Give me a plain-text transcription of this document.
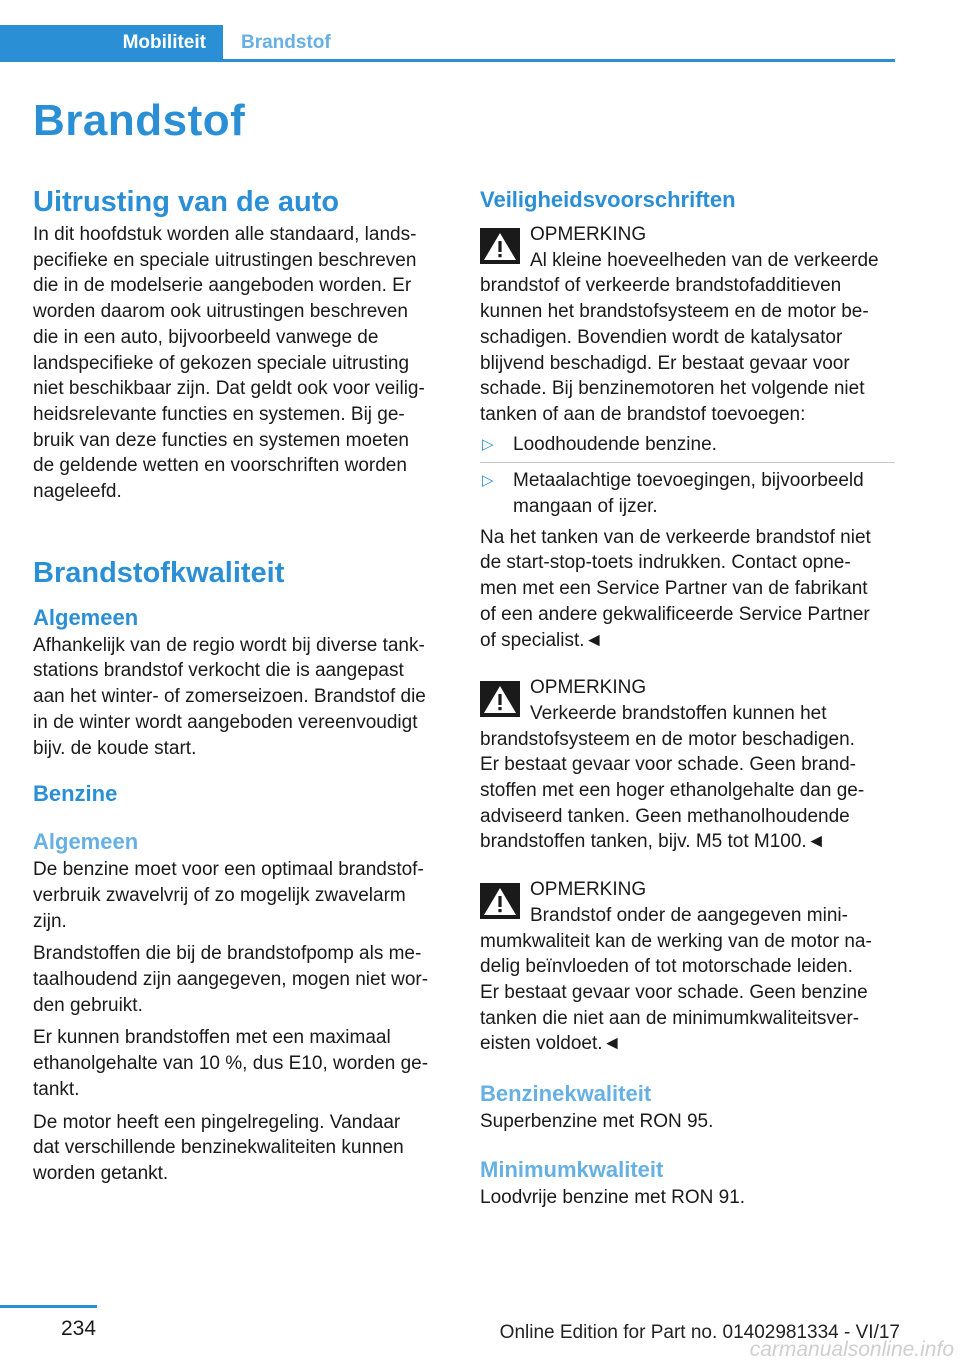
Mobiliteit	Brandstof
Brandstof
Uitrusting van de auto

In dit hoofdstuk worden alle standaard, lands-

pecifieke en speciale uitrustingen beschreven

die in de modelserie aangeboden worden. Er

worden daarom ook uitrustingen beschreven

die in een auto, bijvoorbeeld vanwege de

landspecifieke of gekozen speciale uitrusting

niet beschikbaar zijn. Dat geldt ook voor veilig-

heidsrelevante functies en systemen. Bij ge-

bruik van deze functies en systemen moeten

de geldende wetten en voorschriften worden

nageleefd.

Brandstofkwaliteit
Algemeen

Afhankelijk van de regio wordt bij diverse tank-

stations brandstof verkocht die is aangepast

aan het winter- of zomerseizoen. Brandstof die

in de winter wordt aangeboden vereenvoudigt

bijv. de koude start.

Benzine
Algemeen

De benzine moet voor een optimaal brandstof-

verbruik zwavelvrij of zo mogelijk zwavelarm

zijn.

Brandstoffen die bij de brandstofpomp als me-

taalhoudend zijn aangegeven, mogen niet wor-

den gebruikt.

Er kunnen brandstoffen met een maximaal

ethanolgehalte van 10 %, dus E10, worden ge-

tankt.

De motor heeft een pingelregeling. Vandaar

dat verschillende benzinekwaliteiten kunnen

worden getankt.

Veiligheidsvoorschriften

OPMERKING

Al kleine hoeveelheden van de verkeerde

brandstof of verkeerde brandstofadditieven

kunnen het brandstofsysteem en de motor be-

schadigen. Bovendien wordt de katalysator

blijvend beschadigd. Er bestaat gevaar voor

schade. Bij benzinemotoren het volgende niet

tanken of aan de brandstof toevoegen:

▷ Loodhoudende benzine.
▷ Metaalachtige toevoegingen, bijvoorbeeld mangaan of ijzer.

Na het tanken van de verkeerde brandstof niet

de start-stop-toets indrukken. Contact opne-

men met een Service Partner van de fabrikant

of een andere gekwalificeerde Service Partner

of specialist.◄

OPMERKING

Verkeerde brandstoffen kunnen het

brandstofsysteem en de motor beschadigen.

Er bestaat gevaar voor schade. Geen brand-

stoffen met een hoger ethanolgehalte dan ge-

adviseerd tanken. Geen methanolhoudende

brandstoffen tanken, bijv. M5 tot M100.◄

OPMERKING

Brandstof onder de aangegeven mini-

mumkwaliteit kan de werking van de motor na-

delig beïnvloeden of tot motorschade leiden.

Er bestaat gevaar voor schade. Geen benzine

tanken die niet aan de minimumkwaliteitsver-

eisten voldoet.◄

Benzinekwaliteit

Superbenzine met RON 95.

Minimumkwaliteit

Loodvrije benzine met RON 91.

234	Online Edition for Part no. 01402981334 - VI/17
carmanualsonline.info
